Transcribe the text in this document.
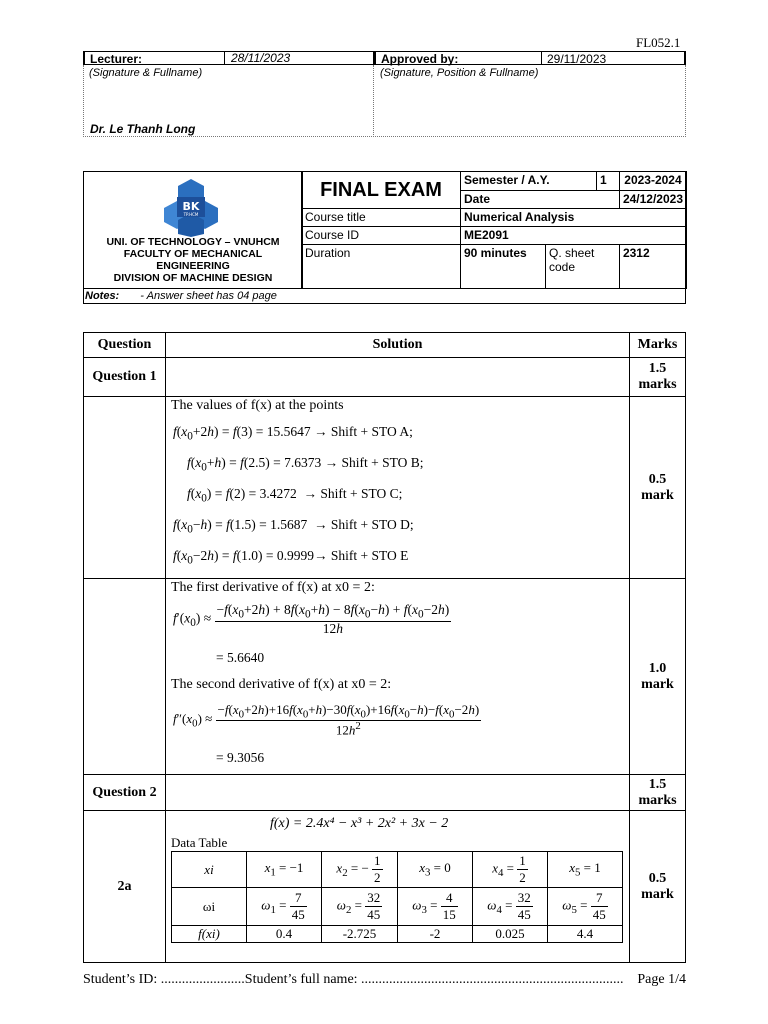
FL052.1
Lecturer:	28/11/2023	Approved by:	29/11/2023
(Signature & Fullname)	(Signature, Position & Fullname)
Dr. Le Thanh Long
BK
TP.HCM
UNI. OF TECHNOLOGY – VNUHCM
FACULTY OF MECHANICAL
ENGINEERING
DIVISION OF MACHINE DESIGN
FINAL EXAM	Semester / A.Y.		1	2023-2024
	Date			24/12/2023
Course title	Numerical Analysis			
Course ID	ME2091			
Duration	90 minutes	Q. sheet code		2312
Notes: - Answer sheet has 04 page
Question	Solution	Marks
Question 1		1.5 marks

The values of f(x) at the points
$f(x_0+2h) = f(3) = 15.5647$ → Shift + STO A;
$f(x_0+h) = f(2.5) = 7.6373$ → Shift + STO B;
$f(x_0) = f(2) = 3.4272$  → Shift + STO C;
$f(x_0-h) = f(1.5) = 1.5687$  → Shift + STO D;
$f(x_0-2h) = f(1.0) = 0.9999\to$ Shift + STO E
	0.5 mark

The first derivative of f(x) at x0 = 2:
$f'(x_0) \approx \frac{-f(x_0+2h) + 8f(x_0+h) - 8f(x_0-h) + f(x_0-2h)}{12h}$
= 5.6640
The second derivative of f(x) at x0 = 2:
$f''(x_0) \approx \frac{-f(x_0+2h)+16f(x_0+h)-30f(x_0)+16f(x_0-h)-f(x_0-2h)}{12h^2}$
= 9.3056
	1.0 mark
Question 2		1.5 marks
2a	
f(x) = 2.4x⁴ − x³ + 2x² + 3x − 2
Data Table
xi	$x_1 = -1$	$x_2$ = − $\frac{1}{2}$	$x_3 = 0$	$x_4 = \frac{1}{2}$	$x_5 = 1$
ωi	$\omega_1 = \frac{7}{45}$	$\omega_2 = \frac{32}{45}$	$\omega_3 = \frac{4}{15}$	$\omega_4 = \frac{32}{45}$	$\omega_5 = \frac{7}{45}$

f(xi)	0.4	-2.725	-2	0.025	4.4
	0.5 mark
Student’s ID: ........................Student’s full name: ........................................................................... Page 1/4
